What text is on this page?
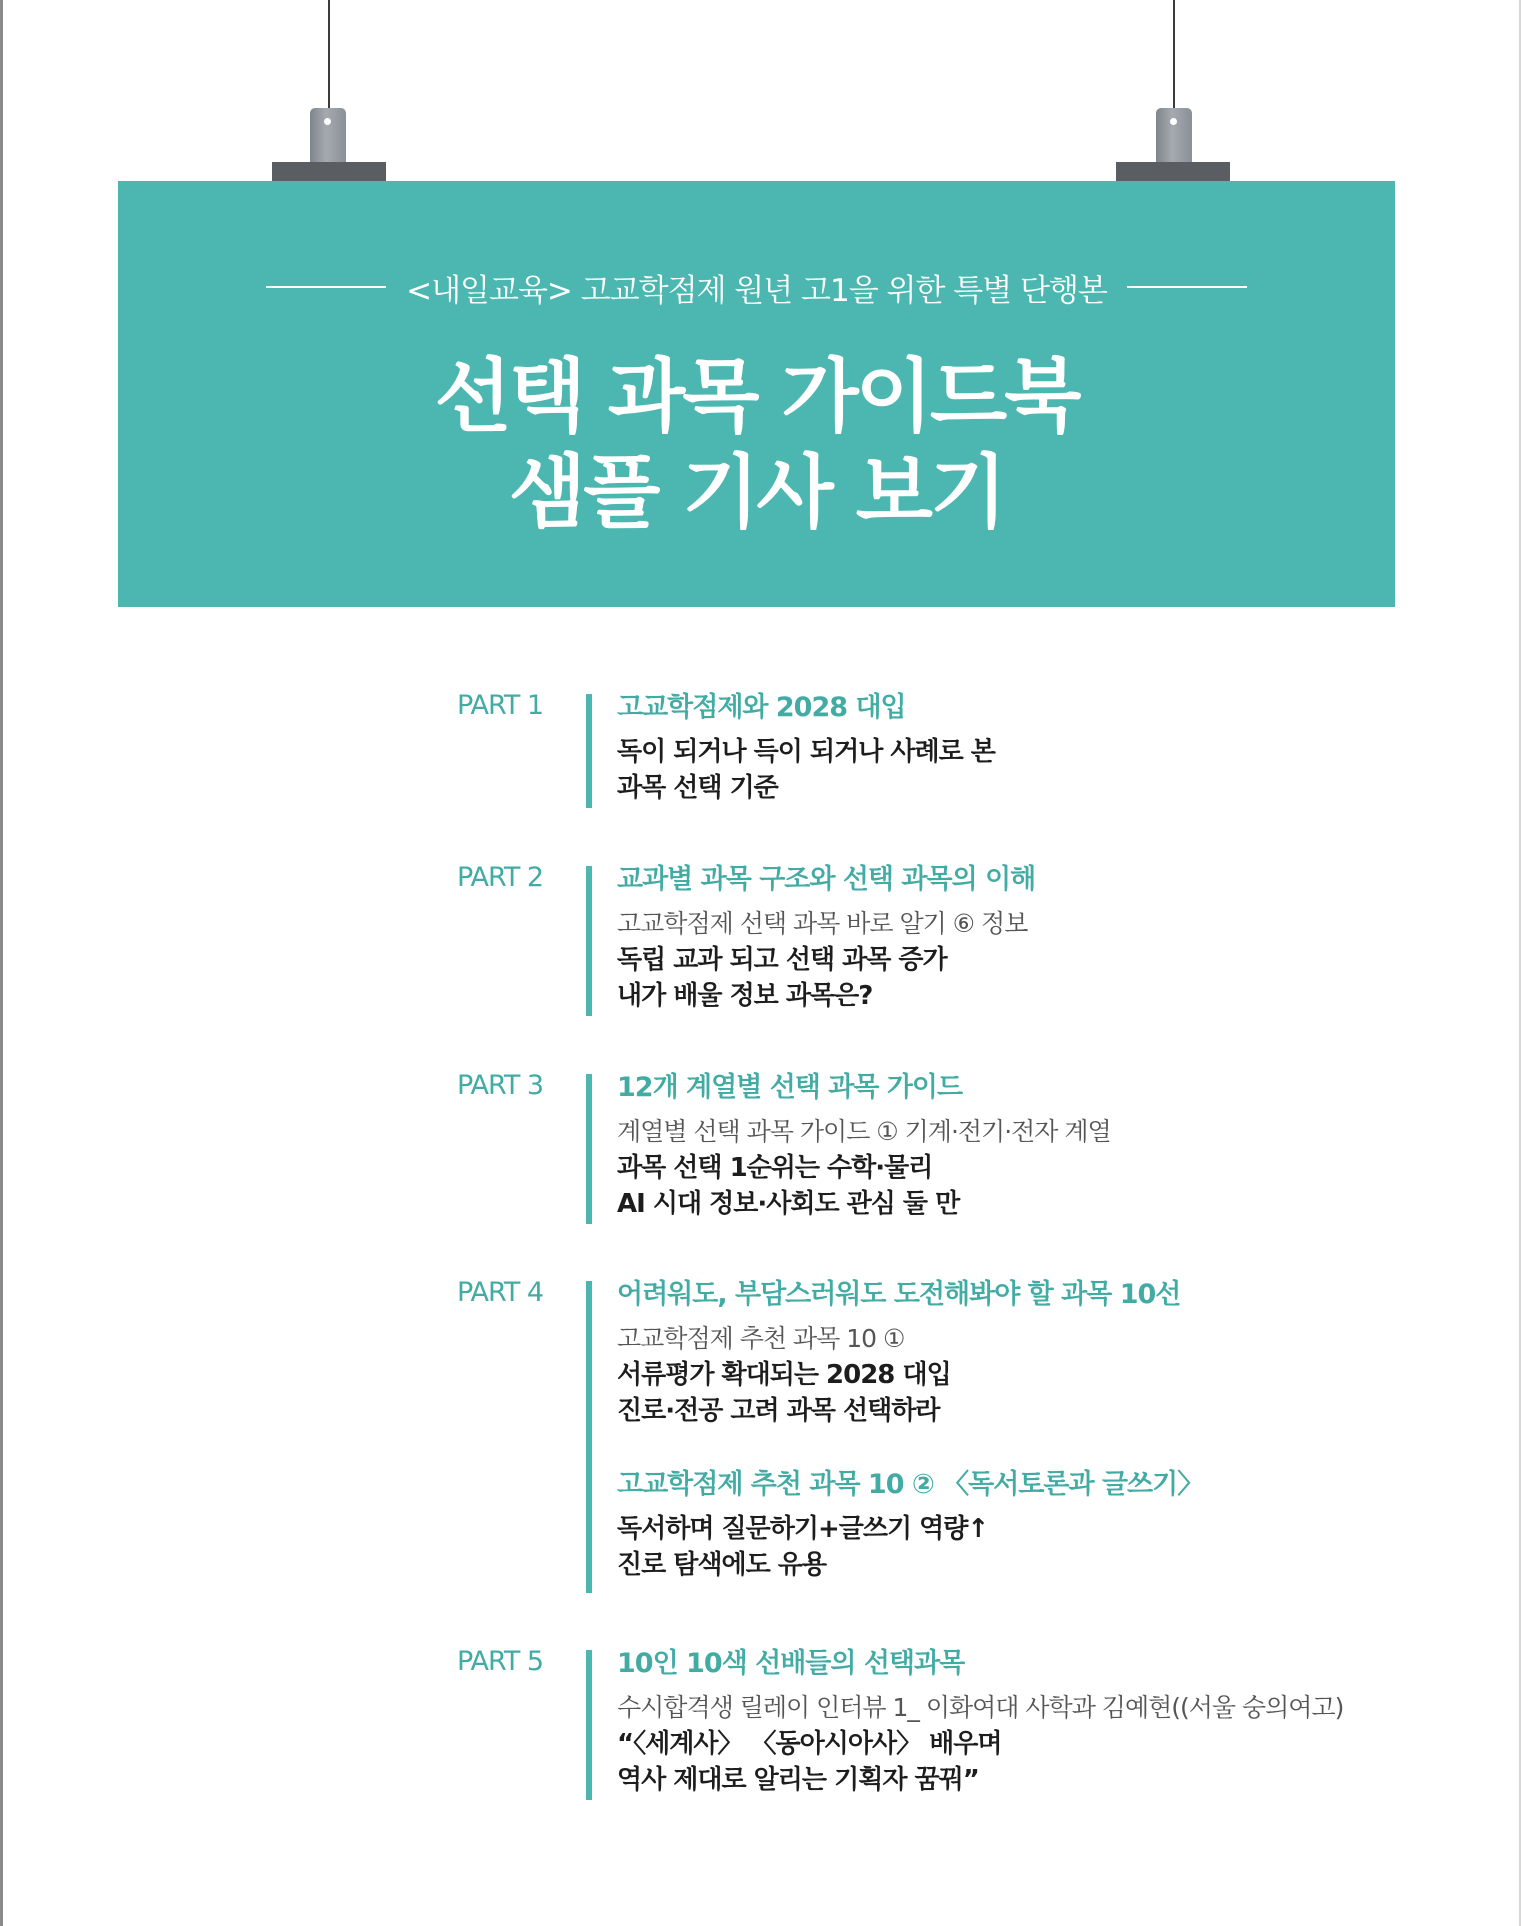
<내일교육> 고교학점제 원년 고1을 위한 특별 단행본
선택 과목 가이드북
샘플 기사 보기
PART 1	고교학점제와 2028 대입
독이 되거나 득이 되거나 사례로 본
과목 선택 기준
PART 2	교과별 과목 구조와 선택 과목의 이해
고교학점제 선택 과목 바로 알기 ⑥ 정보
독립 교과 되고 선택 과목 증가
내가 배울 정보 과목은?
PART 3	12개 계열별 선택 과목 가이드
계열별 선택 과목 가이드 ① 기계·전기·전자 계열
과목 선택 1순위는 수학·물리
AI 시대 정보·사회도 관심 둘 만
PART 4	어려워도, 부담스러워도 도전해봐야 할 과목 10선
고교학점제 추천 과목 10 ①
서류평가 확대되는 2028 대입
진로·전공 고려 과목 선택하라
고교학점제 추천 과목 10 ② 〈독서토론과 글쓰기〉
독서하며 질문하기+글쓰기 역량↑
진로 탐색에도 유용
PART 5	10인 10색 선배들의 선택과목
수시합격생 릴레이 인터뷰 1_ 이화여대 사학과 김예현((서울 숭의여고)
“〈세계사〉 〈동아시아사〉 배우며
역사 제대로 알리는 기획자 꿈꿔”
